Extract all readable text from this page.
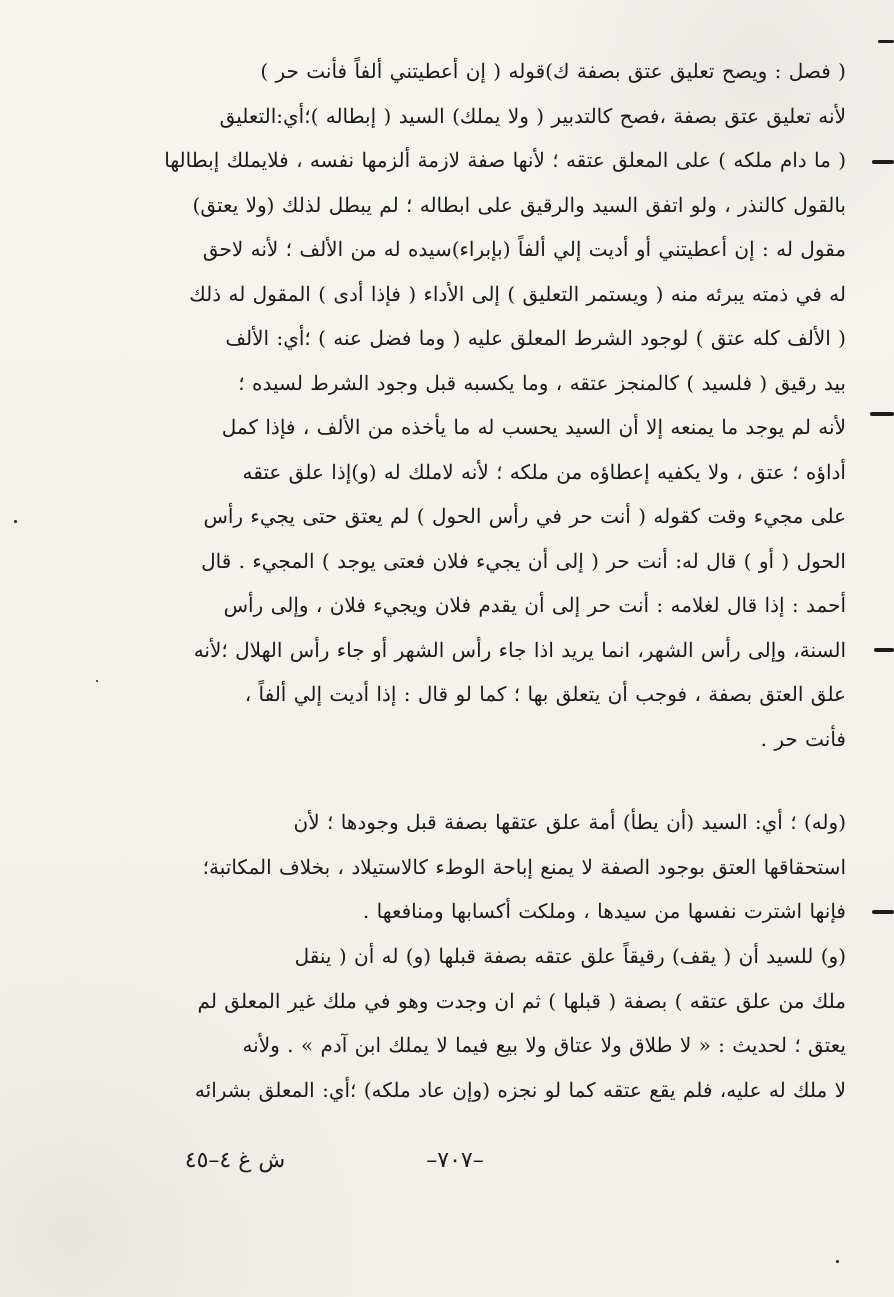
( فصل : ويصح تعليق عتق بصفة ك)قوله ( إن أعطيتني ألفاً فأنت حر )
لأنه تعليق عتق بصفة ،فصح كالتدبير ( ولا يملك) السيد ( إبطاله )؛أي:التعليق
( ما دام ملكه ) على المعلق عتقه ؛ لأنها صفة لازمة ألزمها نفسه ، فلايملك إبطالها
بالقول كالنذر ، ولو اتفق السيد والرقيق على ابطاله ؛ لم يبطل لذلك (ولا يعتق)
مقول له : إن أعطيتني أو أديت إلي ألفاً (بإبراء)سيده له من الألف ؛ لأنه لاحق
له في ذمته يبرئه منه ( ويستمر التعليق ) إلى الأداء ( فإذا أدى ) المقول له ذلك
( الألف كله عتق ) لوجود الشرط المعلق عليه ( وما فضل عنه ) ؛أي: الألف
بيد رقيق ( فلسيد ) كالمنجز عتقه ، وما يكسبه قبل وجود الشرط لسيده ؛
لأنه لم يوجد ما يمنعه إلا أن السيد يحسب له ما يأخذه من الألف ، فإذا كمل
أداؤه ؛ عتق ، ولا يكفيه إعطاؤه من ملكه ؛ لأنه لاملك له (و)إذا علق عتقه
على مجيء وقت كقوله ( أنت حر في رأس الحول ) لم يعتق حتى يجيء رأس
الحول ( أو ) قال له: أنت حر ( إلى أن يجيء فلان فعتى يوجد ) المجيء . قال
أحمد : إذا قال لغلامه : أنت حر إلى أن يقدم فلان ويجيء فلان ، وإلى رأس
السنة، وإلى رأس الشهر، انما يريد اذا جاء رأس الشهر أو جاء رأس الهلال ؛لأنه
علق العتق بصفة ، فوجب أن يتعلق بها ؛ كما لو قال : إذا أديت إلي ألفاً ،
فأنت حر .
(وله) ؛ أي: السيد (أن يطأ) أمة علق عتقها بصفة قبل وجودها ؛ لأن
استحقاقها العتق بوجود الصفة لا يمنع إباحة الوطء كالاستيلاد ، بخلاف المكاتبة؛
فإنها اشترت نفسها من سيدها ، وملكت أكسابها ومنافعها .
(و) للسيد أن ( يقف) رقيقاً علق عتقه بصفة قبلها (و) له أن ( ينقل
ملك من علق عتقه ) بصفة ( قبلها ) ثم ان وجدت وهو في ملك غير المعلق لم
يعتق ؛ لحديث : « لا طلاق ولا عتاق ولا بيع فيما لا يملك ابن آدم » . ولأنه
لا ملك له عليه، فلم يقع عتقه كما لو نجزه (وإن عاد ملكه) ؛أي: المعلق بشرائه
–٧٠٧–
ش غ ٤–٤٥
